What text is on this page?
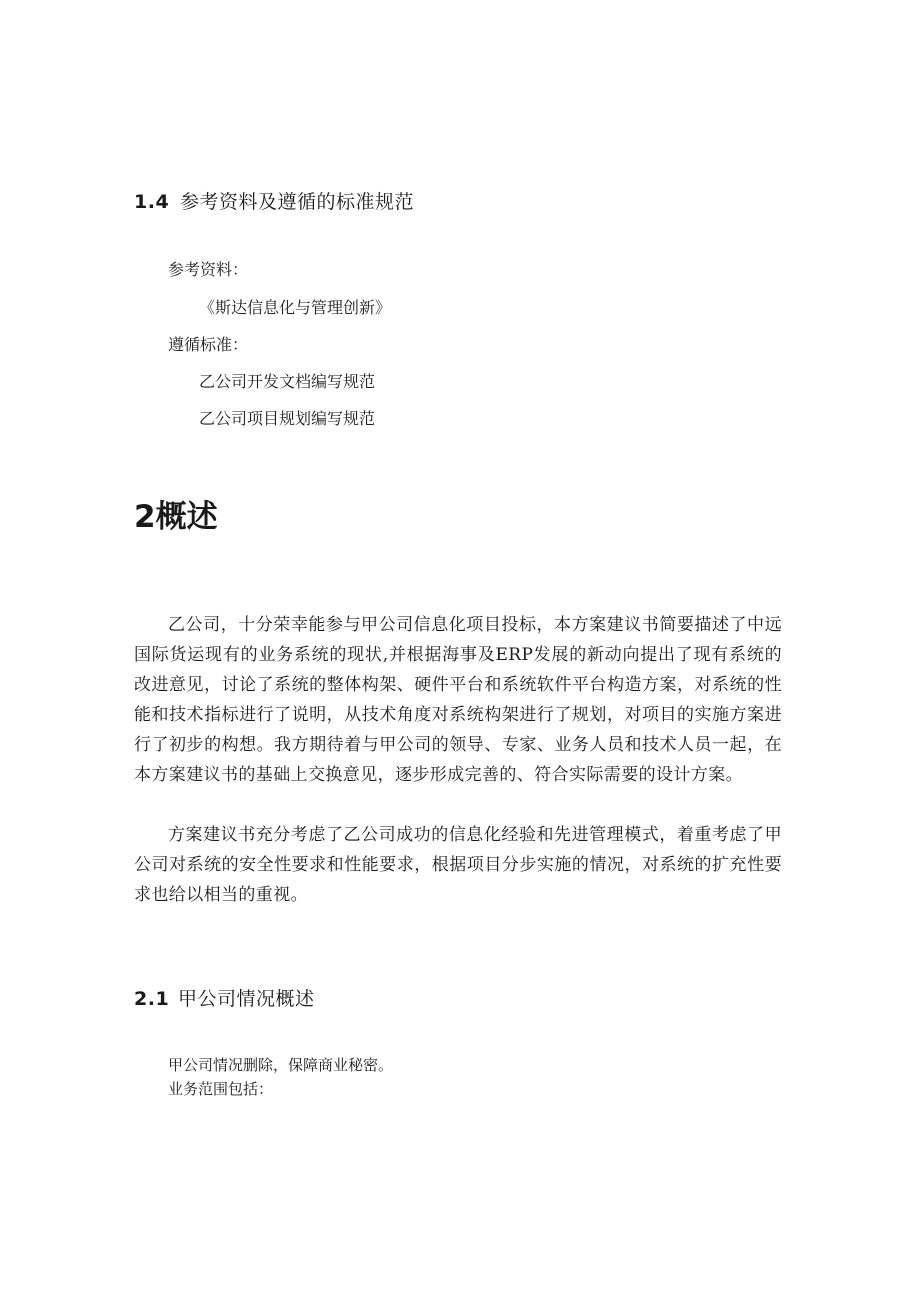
1.4 参考资料及遵循的标准规范

参考资料：

《斯达信息化与管理创新》

遵循标准：

乙公司开发文档编写规范

乙公司项目规划编写规范

2概述

乙公司，十分荣幸能参与甲公司信息化项目投标，本方案建议书简要描述了中远国际货运现有的业务系统的现状,并根据海事及ERP发展的新动向提出了现有系统的改进意见，讨论了系统的整体构架、硬件平台和系统软件平台构造方案，对系统的性能和技术指标进行了说明，从技术角度对系统构架进行了规划，对项目的实施方案进行了初步的构想。我方期待着与甲公司的领导、专家、业务人员和技术人员一起，在本方案建议书的基础上交换意见，逐步形成完善的、符合实际需要的设计方案。

方案建议书充分考虑了乙公司成功的信息化经验和先进管理模式，着重考虑了甲公司对系统的安全性要求和性能要求，根据项目分步实施的情况，对系统的扩充性要求也给以相当的重视。

2.1 甲公司情况概述

甲公司情况删除，保障商业秘密。

业务范围包括：
